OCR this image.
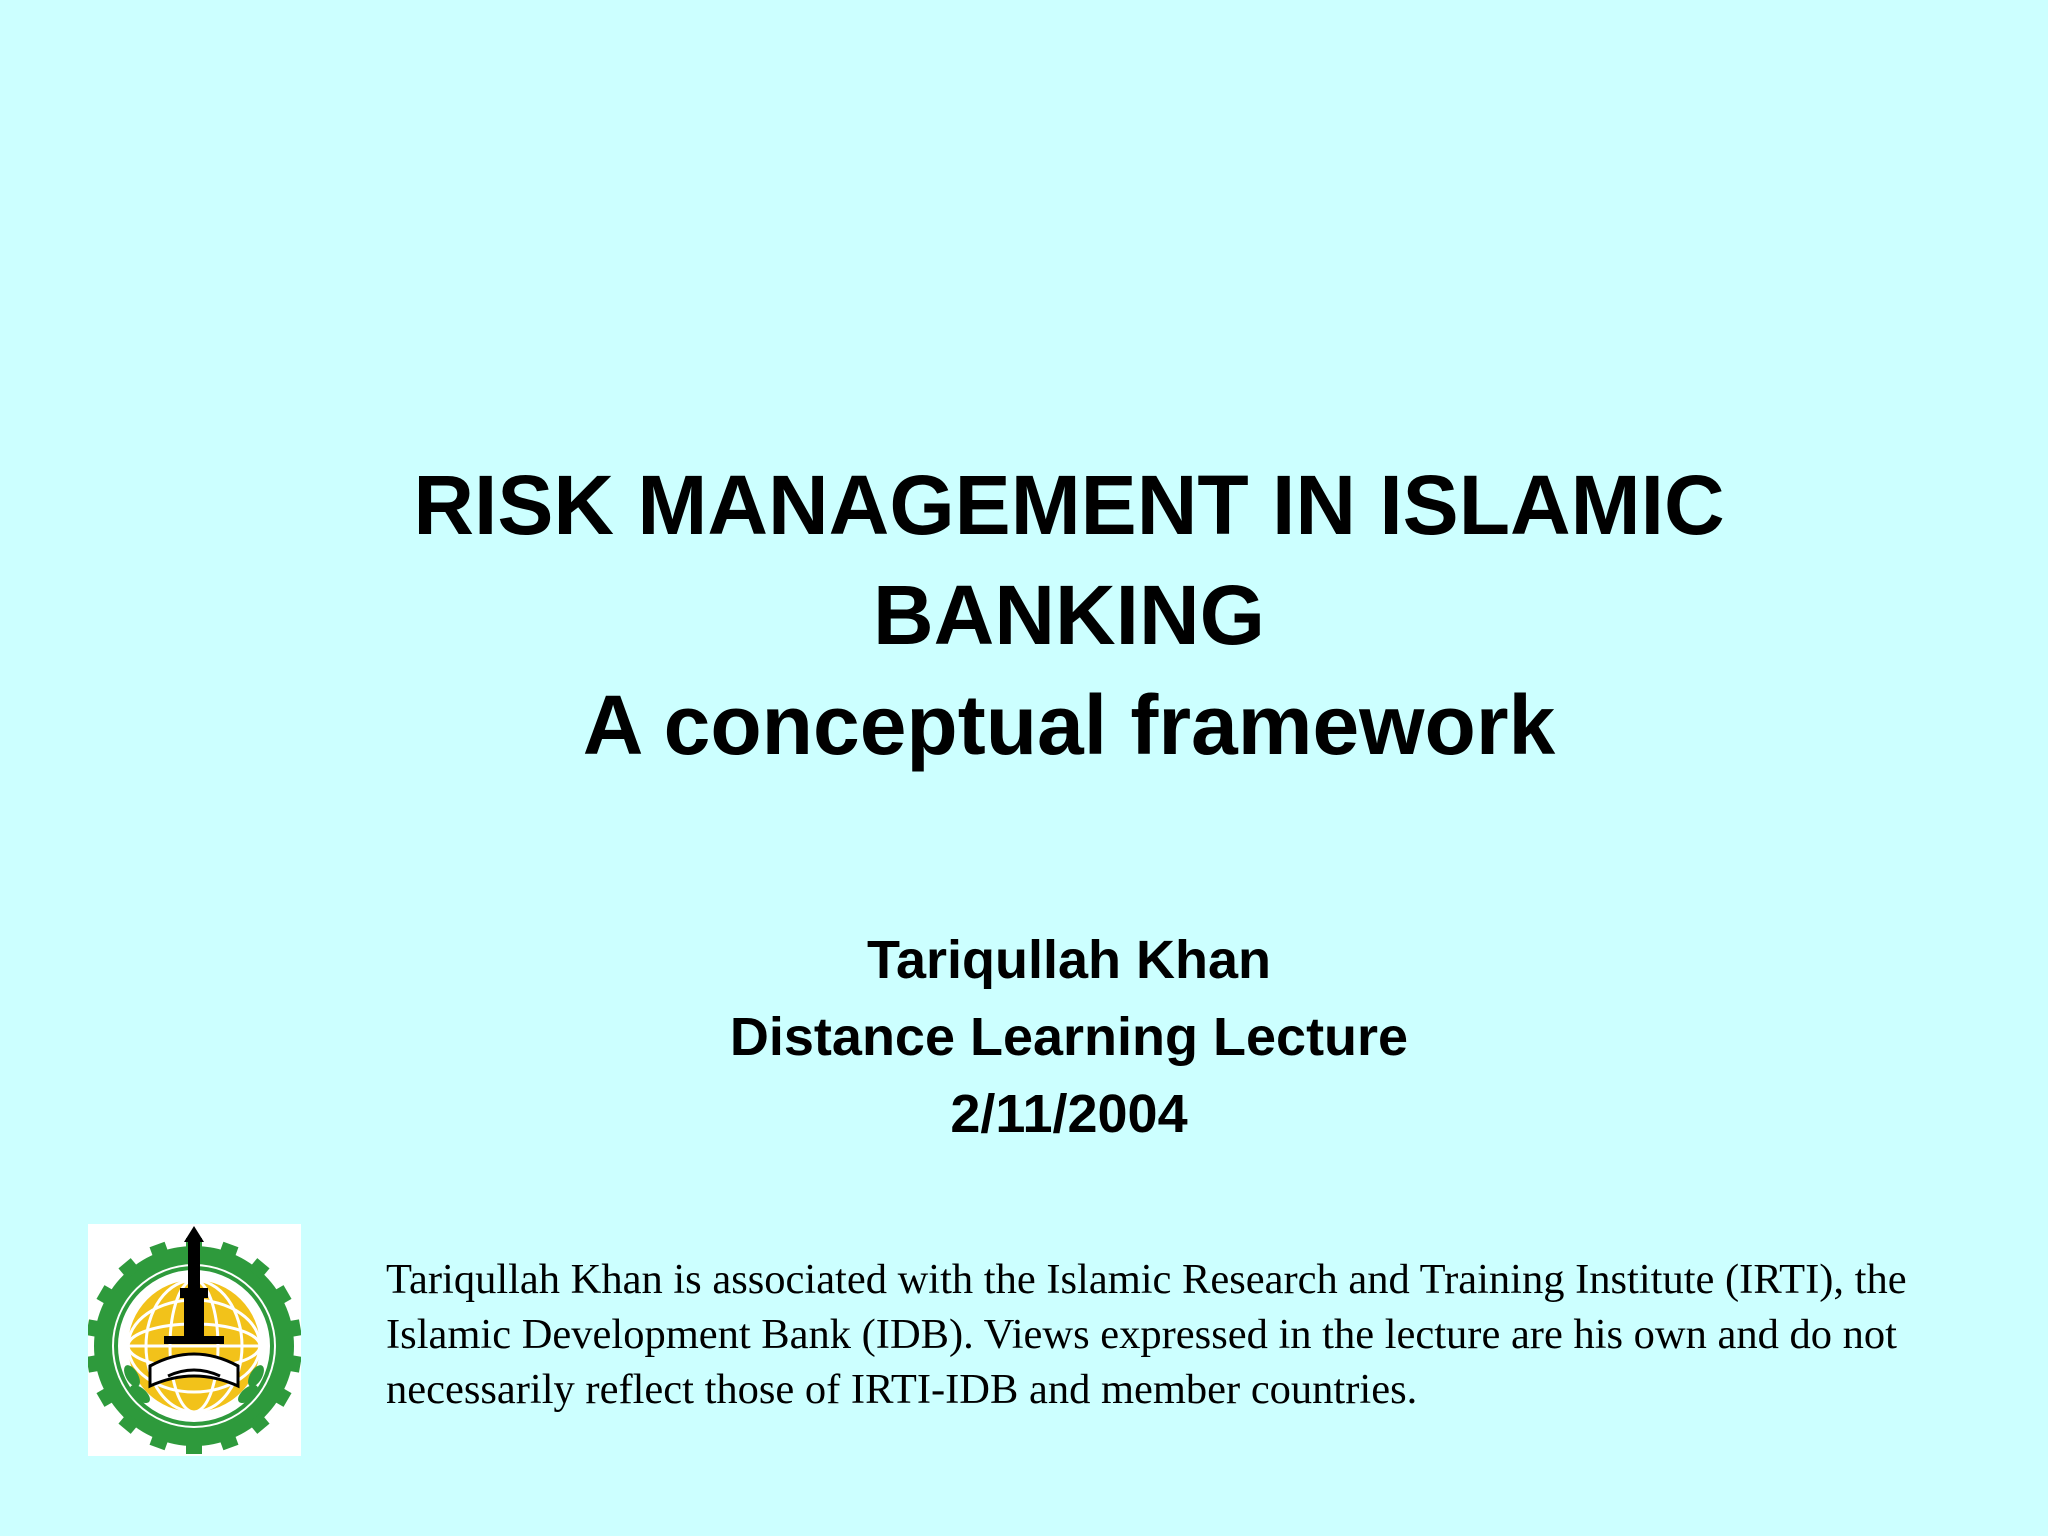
RISK MANAGEMENT IN ISLAMIC
BANKING
A conceptual framework
Tariqullah Khan
Distance Learning Lecture
2/11/2004
Tariqullah Khan is associated with the Islamic Research and Training Institute (IRTI), the
Islamic Development Bank (IDB). Views expressed in the lecture are his own and do not
necessarily reflect those of IRTI-IDB and member countries.
